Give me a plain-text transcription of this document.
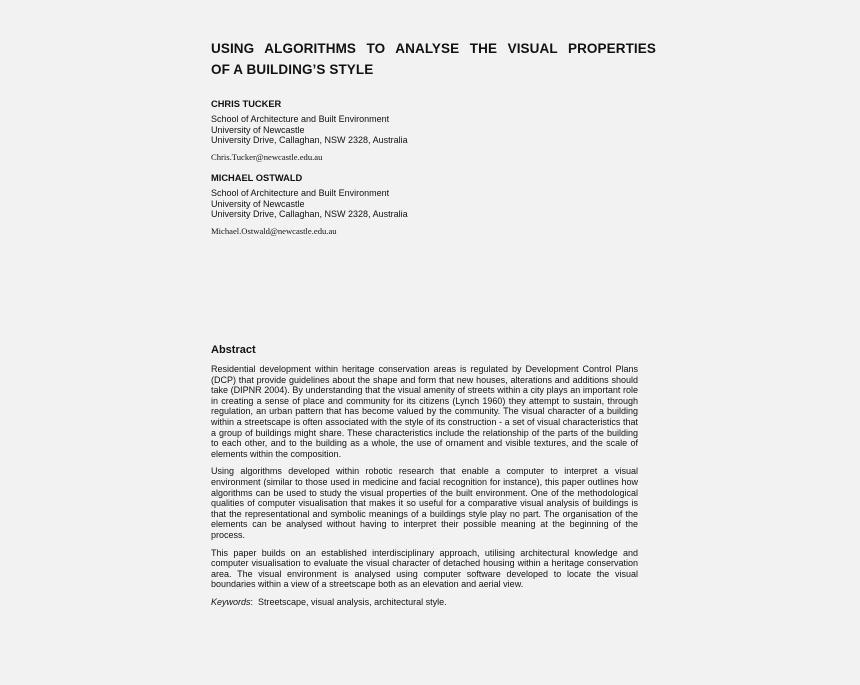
USING ALGORITHMS TO ANALYSE THE VISUAL PROPERTIES
OF A BUILDING’S STYLE
CHRIS TUCKER
School of Architecture and Built Environment
University of Newcastle
University Drive, Callaghan, NSW 2328, Australia
Chris.Tucker@newcastle.edu.au
MICHAEL OSTWALD
School of Architecture and Built Environment
University of Newcastle
University Drive, Callaghan, NSW 2328, Australia
Michael.Ostwald@newcastle.edu.au
Abstract

Residential development within heritage conservation areas is regulated by Development Control Plans (DCP) that provide guidelines about the shape and form that new houses, alterations and additions should take (DIPNR 2004). By understanding that the visual amenity of streets within a city plays an important role in creating a sense of place and community for its citizens (Lynch 1960) they attempt to sustain, through regulation, an urban pattern that has become valued by the community. The visual character of a building within a streetscape is often associated with the style of its construction - a set of visual characteristics that a group of buildings might share. These characteristics include the relationship of the parts of the building to each other, and to the building as a whole, the use of ornament and visible textures, and the scale of elements within the composition.

Using algorithms developed within robotic research that enable a computer to interpret a visual environment (similar to those used in medicine and facial recognition for instance), this paper outlines how algorithms can be used to study the visual properties of the built environment. One of the methodological qualities of computer visualisation that makes it so useful for a comparative visual analysis of buildings is that the representational and symbolic meanings of a buildings style play no part. The organisation of the elements can be analysed without having to interpret their possible meaning at the beginning of the process.

This paper builds on an established interdisciplinary approach, utilising architectural knowledge and computer visualisation to evaluate the visual character of detached housing within a heritage conservation area. The visual environment is analysed using computer software developed to locate the visual boundaries within a view of a streetscape both as an elevation and aerial view.

Keywords:  Streetscape, visual analysis, architectural style.
